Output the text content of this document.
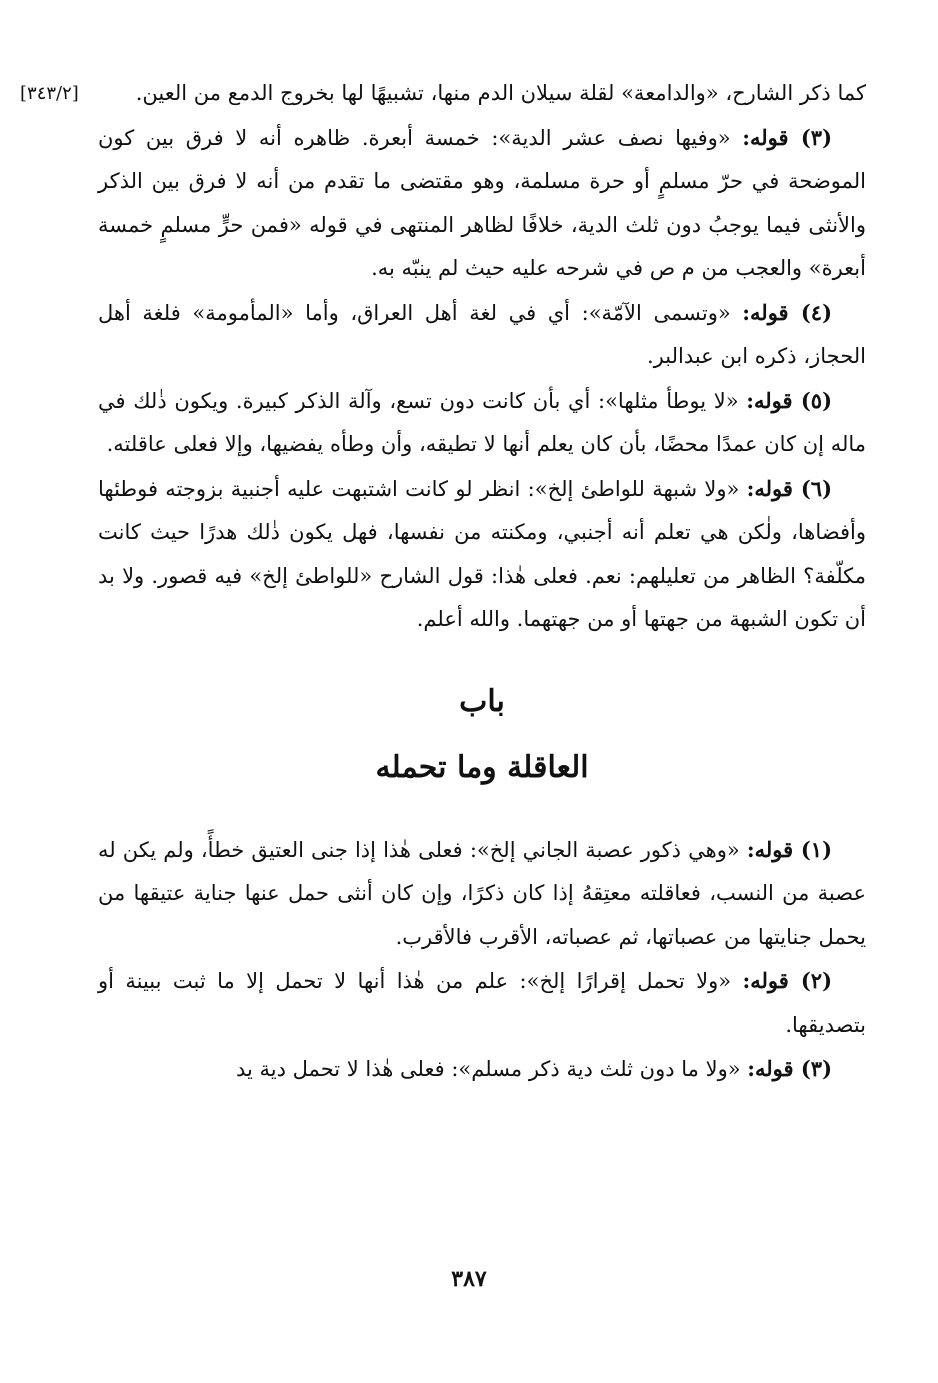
[٣٤٣/٢]	كما ذكر الشارح، «والدامعة» لقلة سيلان الدم منها، تشبيهًا لها بخروج الدمع من العين.

(٣) قوله: «وفيها نصف عشر الدية»: خمسة أبعرة. ظاهره أنه لا فرق بين كون الموضحة في حرّ مسلمٍ أو حرة مسلمة، وهو مقتضى ما تقدم من أنه لا فرق بين الذكر والأنثى فيما يوجبُ دون ثلث الدية، خلافًا لظاهر المنتهى في قوله «فمن حرٍّ مسلمٍ خمسة أبعرة» والعجب من م ص في شرحه عليه حيث لم ينبّه به.

(٤) قوله: «وتسمى الآمّة»: أي في لغة أهل العراق، وأما «المأمومة» فلغة أهل الحجاز، ذكره ابن عبدالبر.

(٥) قوله: «لا يوطأ مثلها»: أي بأن كانت دون تسع، وآلة الذكر كبيرة. ويكون ذٰلك في ماله إن كان عمدًا محضًا، بأن كان يعلم أنها لا تطيقه، وأن وطأه يفضيها، وإلا فعلى عاقلته.

(٦) قوله: «ولا شبهة للواطئ إلخ»: انظر لو كانت اشتبهت عليه أجنبية بزوجته فوطئها وأفضاها، ولٰكن هي تعلم أنه أجنبي، ومكنته من نفسها، فهل يكون ذٰلك هدرًا حيث كانت مكلّفة؟ الظاهر من تعليلهم: نعم. فعلى هٰذا: قول الشارح «للواطئ إلخ» فيه قصور. ولا بد أن تكون الشبهة من جهتها أو من جهتهما. والله أعلم.

باب
العاقلة وما تحمله

(١) قوله: «وهي ذكور عصبة الجاني إلخ»: فعلى هٰذا إذا جنى العتيق خطأً، ولم يكن له عصبة من النسب، فعاقلته معتِقهُ إذا كان ذكرًا، وإن كان أنثى حمل عنها جناية عتيقها من يحمل جنايتها من عصباتها، ثم عصباته، الأقرب فالأقرب.

(٢) قوله: «ولا تحمل إقرارًا إلخ»: علم من هٰذا أنها لا تحمل إلا ما ثبت ببينة أو بتصديقها.

(٣) قوله: «ولا ما دون ثلث دية ذكر مسلم»: فعلى هٰذا لا تحمل دية يد

٣٨٧
